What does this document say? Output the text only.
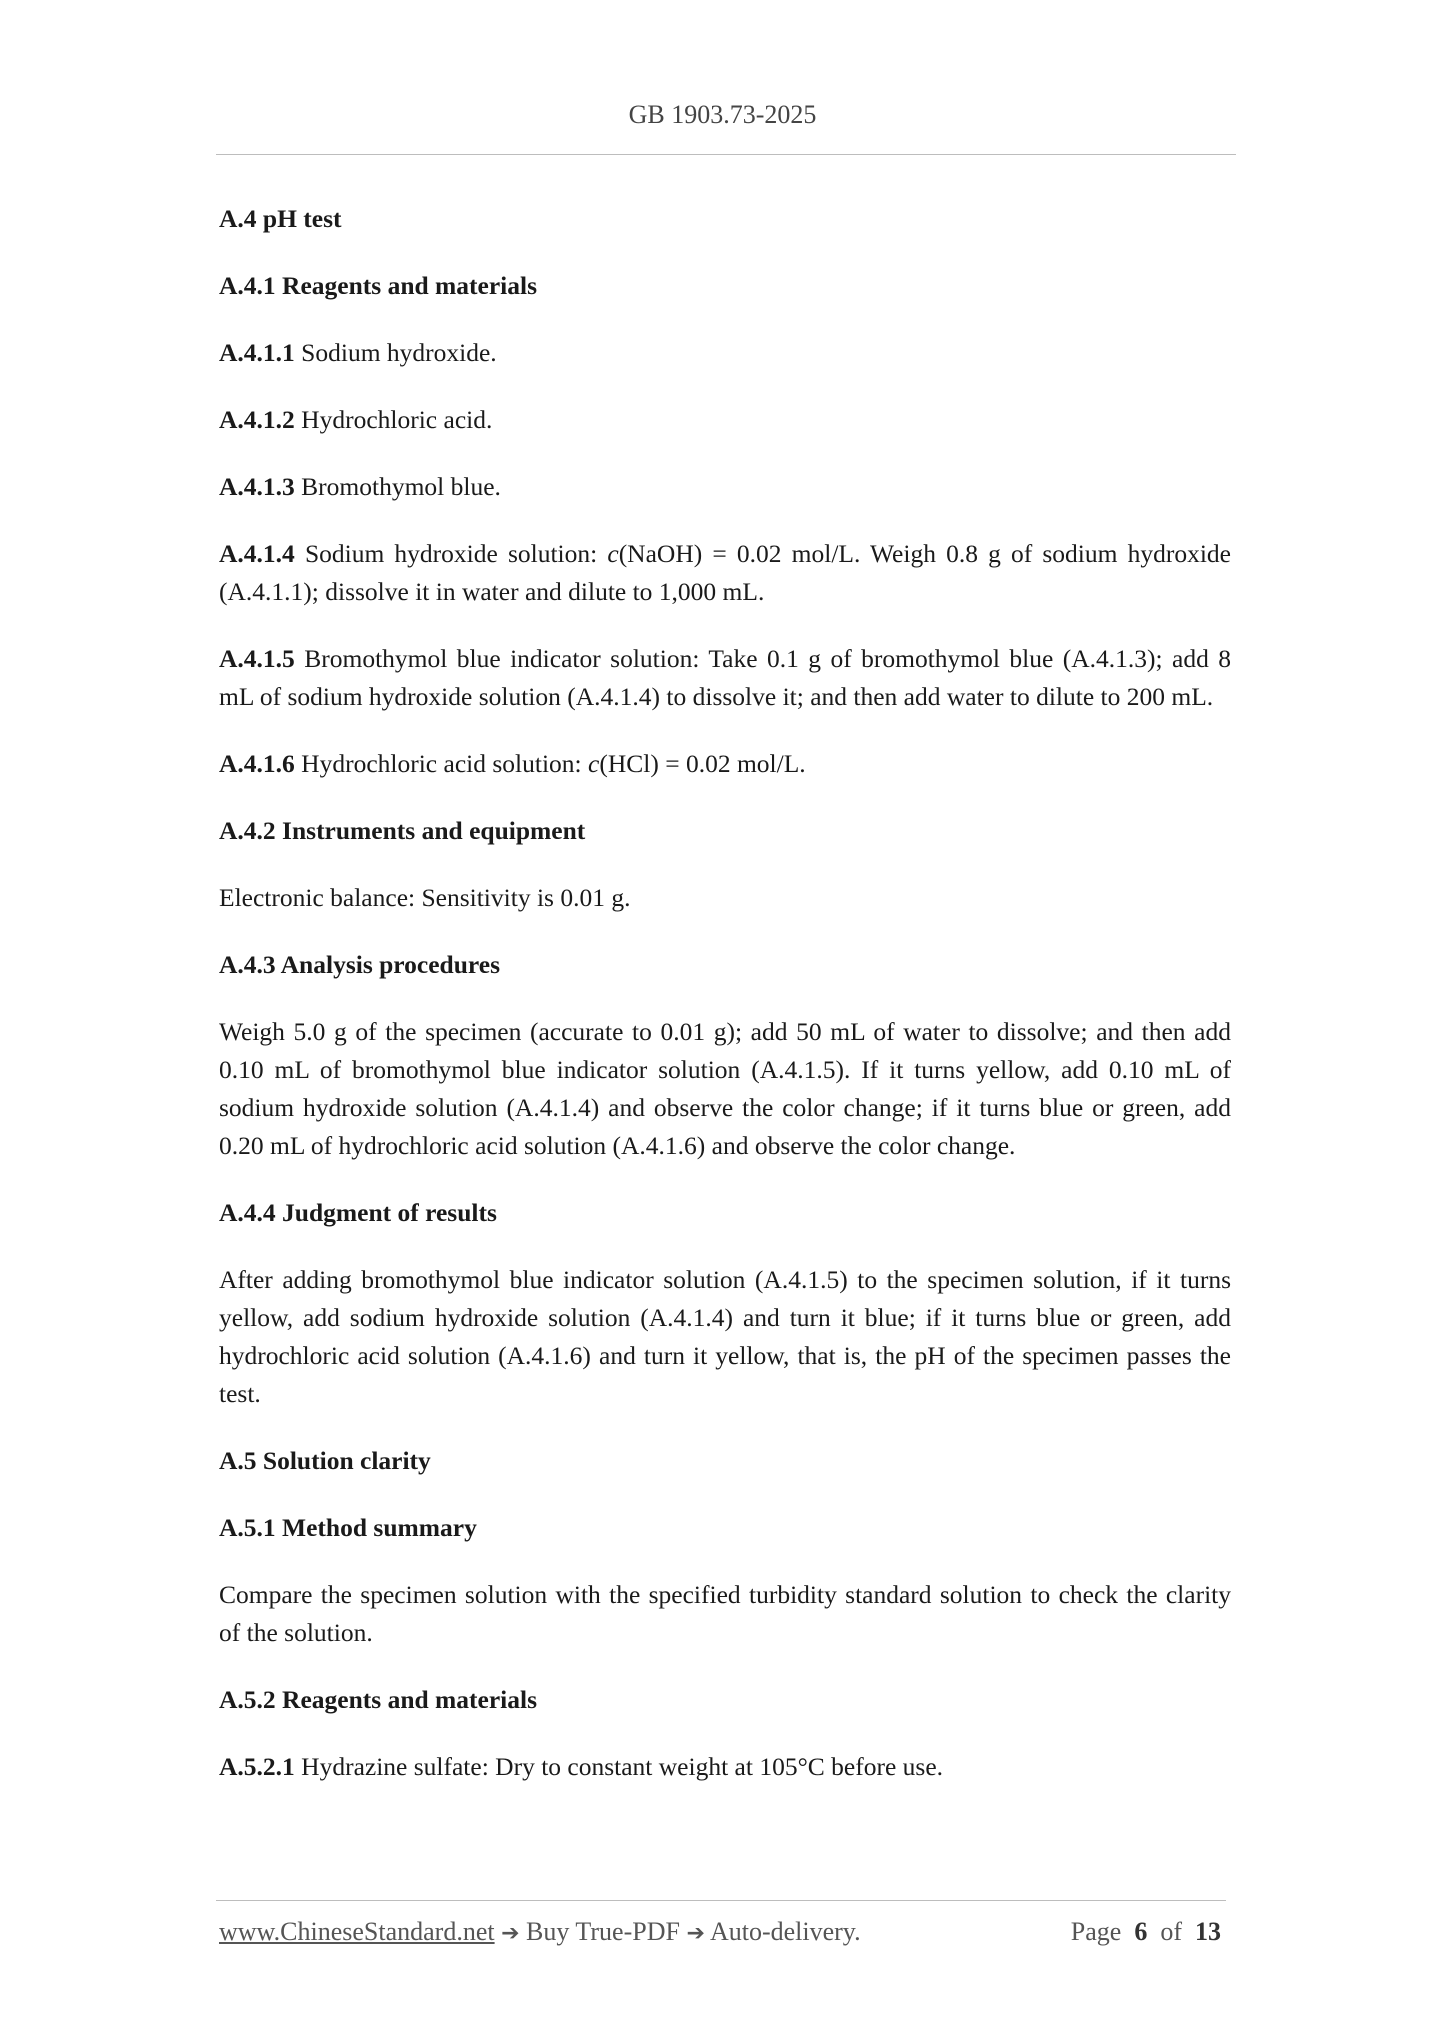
GB 1903.73-2025

A.4 pH test

A.4.1 Reagents and materials

A.4.1.1 Sodium hydroxide.

A.4.1.2 Hydrochloric acid.

A.4.1.3 Bromothymol blue.

A.4.1.4 Sodium hydroxide solution: c(NaOH) = 0.02 mol/L. Weigh 0.8 g of sodium hydroxide (A.4.1.1); dissolve it in water and dilute to 1,000 mL.

A.4.1.5 Bromothymol blue indicator solution: Take 0.1 g of bromothymol blue (A.4.1.3); add 8 mL of sodium hydroxide solution (A.4.1.4) to dissolve it; and then add water to dilute to 200 mL.

A.4.1.6 Hydrochloric acid solution: c(HCl) = 0.02 mol/L.

A.4.2 Instruments and equipment

Electronic balance: Sensitivity is 0.01 g.

A.4.3 Analysis procedures

Weigh 5.0 g of the specimen (accurate to 0.01 g); add 50 mL of water to dissolve; and then add 0.10 mL of bromothymol blue indicator solution (A.4.1.5). If it turns yellow, add 0.10 mL of sodium hydroxide solution (A.4.1.4) and observe the color change; if it turns blue or green, add 0.20 mL of hydrochloric acid solution (A.4.1.6) and observe the color change.

A.4.4 Judgment of results

After adding bromothymol blue indicator solution (A.4.1.5) to the specimen solution, if it turns yellow, add sodium hydroxide solution (A.4.1.4) and turn it blue; if it turns blue or green, add hydrochloric acid solution (A.4.1.6) and turn it yellow, that is, the pH of the specimen passes the test.

A.5 Solution clarity

A.5.1 Method summary

Compare the specimen solution with the specified turbidity standard solution to check the clarity of the solution.

A.5.2 Reagents and materials

A.5.2.1 Hydrazine sulfate: Dry to constant weight at 105°C before use.

www.ChineseStandard.net ➔ Buy True-PDF ➔ Auto-delivery.	Page 6 of 13
